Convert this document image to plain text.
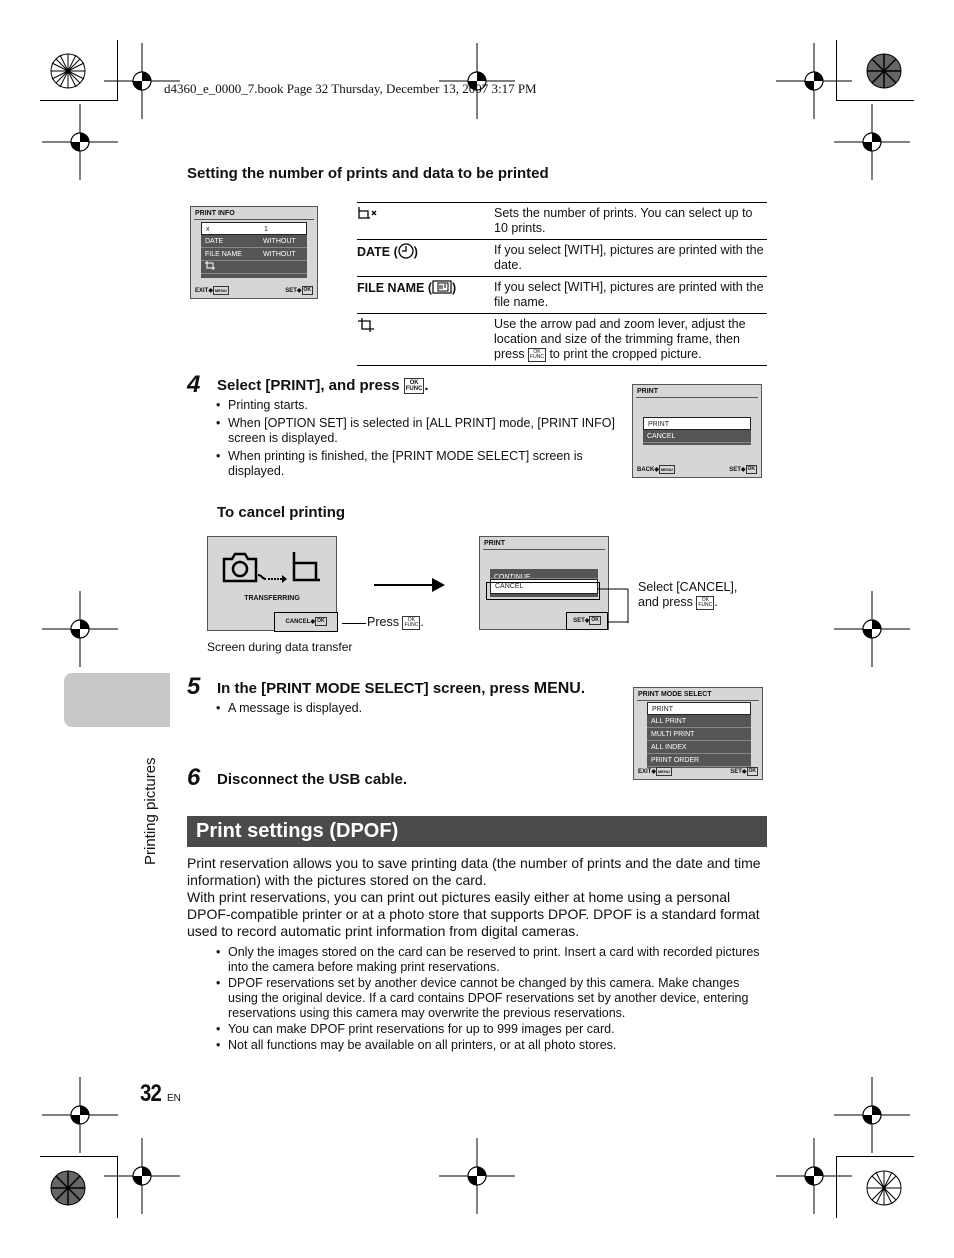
d4360_e_0000_7.book Page 32 Thursday, December 13, 2007 3:17 PM
Setting the number of prints and data to be printed
PRINT INFO
x	1
DATE	WITHOUT
FILE NAME	WITHOUT
EXIT◆ MENU	SET◆ OK
	Sets the number of prints. You can select up to 10 prints.
DATE ( )	If you select [WITH], pictures are printed with the date.
FILE NAME ( )	If you select [WITH], pictures are printed with the file name.
	Use the arrow pad and zoom lever, adjust the location and size of the trimming frame, then press OK
FUNC to print the cropped picture.
4 Select [PRINT], and press OK
FUNC .
• Printing starts.
• When [OPTION SET] is selected in [ALL PRINT] mode, [PRINT INFO] screen is displayed.
• When printing is finished, the [PRINT MODE SELECT] screen is displayed.
PRINT
PRINT
CANCEL
BACK◆ MENU	SET◆ OK
To cancel printing
TRANSFERRING
CANCEL◆ OK	Press OK
FUNC .
Screen during data transfer
PRINT
CONTINUE
CANCEL
SET◆ OK
Select [CANCEL], and press OK
FUNC .
5 In the [PRINT MODE SELECT] screen, press MENU.
• A message is displayed.
PRINT MODE SELECT
PRINT
ALL PRINT
MULTI PRINT
ALL INDEX
PRINT ORDER
EXIT◆ MENU	SET◆ OK
6 Disconnect the USB cable.
Printing pictures	Print settings (DPOF)

Print reservation allows you to save printing data (the number of prints and the date and time information) with the pictures stored on the card.

With print reservations, you can print out pictures easily either at home using a personal DPOF-compatible printer or at a photo store that supports DPOF. DPOF is a standard format used to record automatic print information from digital cameras.

• Only the images stored on the card can be reserved to print. Insert a card with recorded pictures into the camera before making print reservations.
• DPOF reservations set by another device cannot be changed by this camera. Make changes using the original device. If a card contains DPOF reservations set by another device, entering reservations using this camera may overwrite the previous reservations.
• You can make DPOF print reservations for up to 999 images per card.
• Not all functions may be available on all printers, or at all photo stores.
32 EN
